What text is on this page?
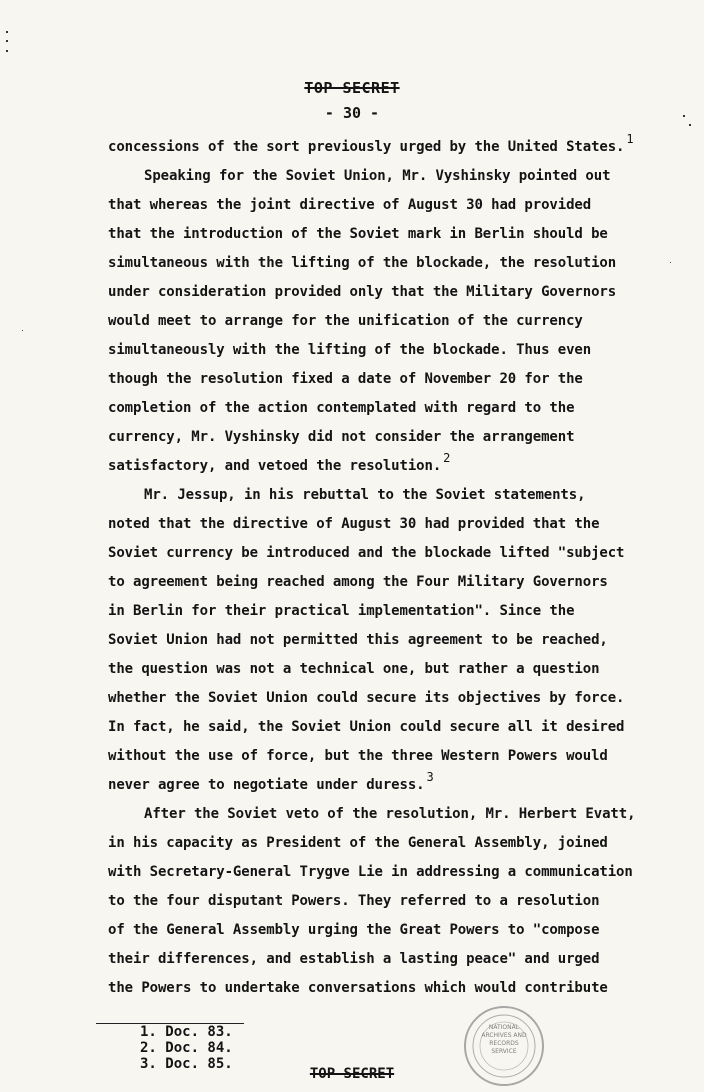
TOP SECRET
- 30 -
concessions of the sort previously urged by the United States. $^1$
Speaking for the Soviet Union, Mr. Vyshinsky pointed out
that whereas the joint directive of August 30 had provided
that the introduction of the Soviet mark in Berlin should be
simultaneous with the lifting of the blockade, the resolution
under consideration provided only that the Military Governors
would meet to arrange for the unification of the currency
simultaneously with the lifting of the blockade. Thus even
though the resolution fixed a date of November 20 for the
completion of the action contemplated with regard to the
currency, Mr. Vyshinsky did not consider the arrangement
satisfactory, and vetoed the resolution. $^2$
Mr. Jessup, in his rebuttal to the Soviet statements,
noted that the directive of August 30 had provided that the
Soviet currency be introduced and the blockade lifted "subject
to agreement being reached among the Four Military Governors
in Berlin for their practical implementation". Since the
Soviet Union had not permitted this agreement to be reached,
the question was not a technical one, but rather a question
whether the Soviet Union could secure its objectives by force.
In fact, he said, the Soviet Union could secure all it desired
without the use of force, but the three Western Powers would
never agree to negotiate under duress. $^3$
After the Soviet veto of the resolution, Mr. Herbert Evatt,
in his capacity as President of the General Assembly, joined
with Secretary-General Trygve Lie in addressing a communication
to the four disputant Powers. They referred to a resolution
of the General Assembly urging the Great Powers to "compose
their differences, and establish a lasting peace" and urged
the Powers to undertake conversations which would contribute
1. Doc. 83.
2. Doc. 84.
3. Doc. 85.
TOP SECRET
NATIONAL
ARCHIVES AND
RECORDS
SERVICE
